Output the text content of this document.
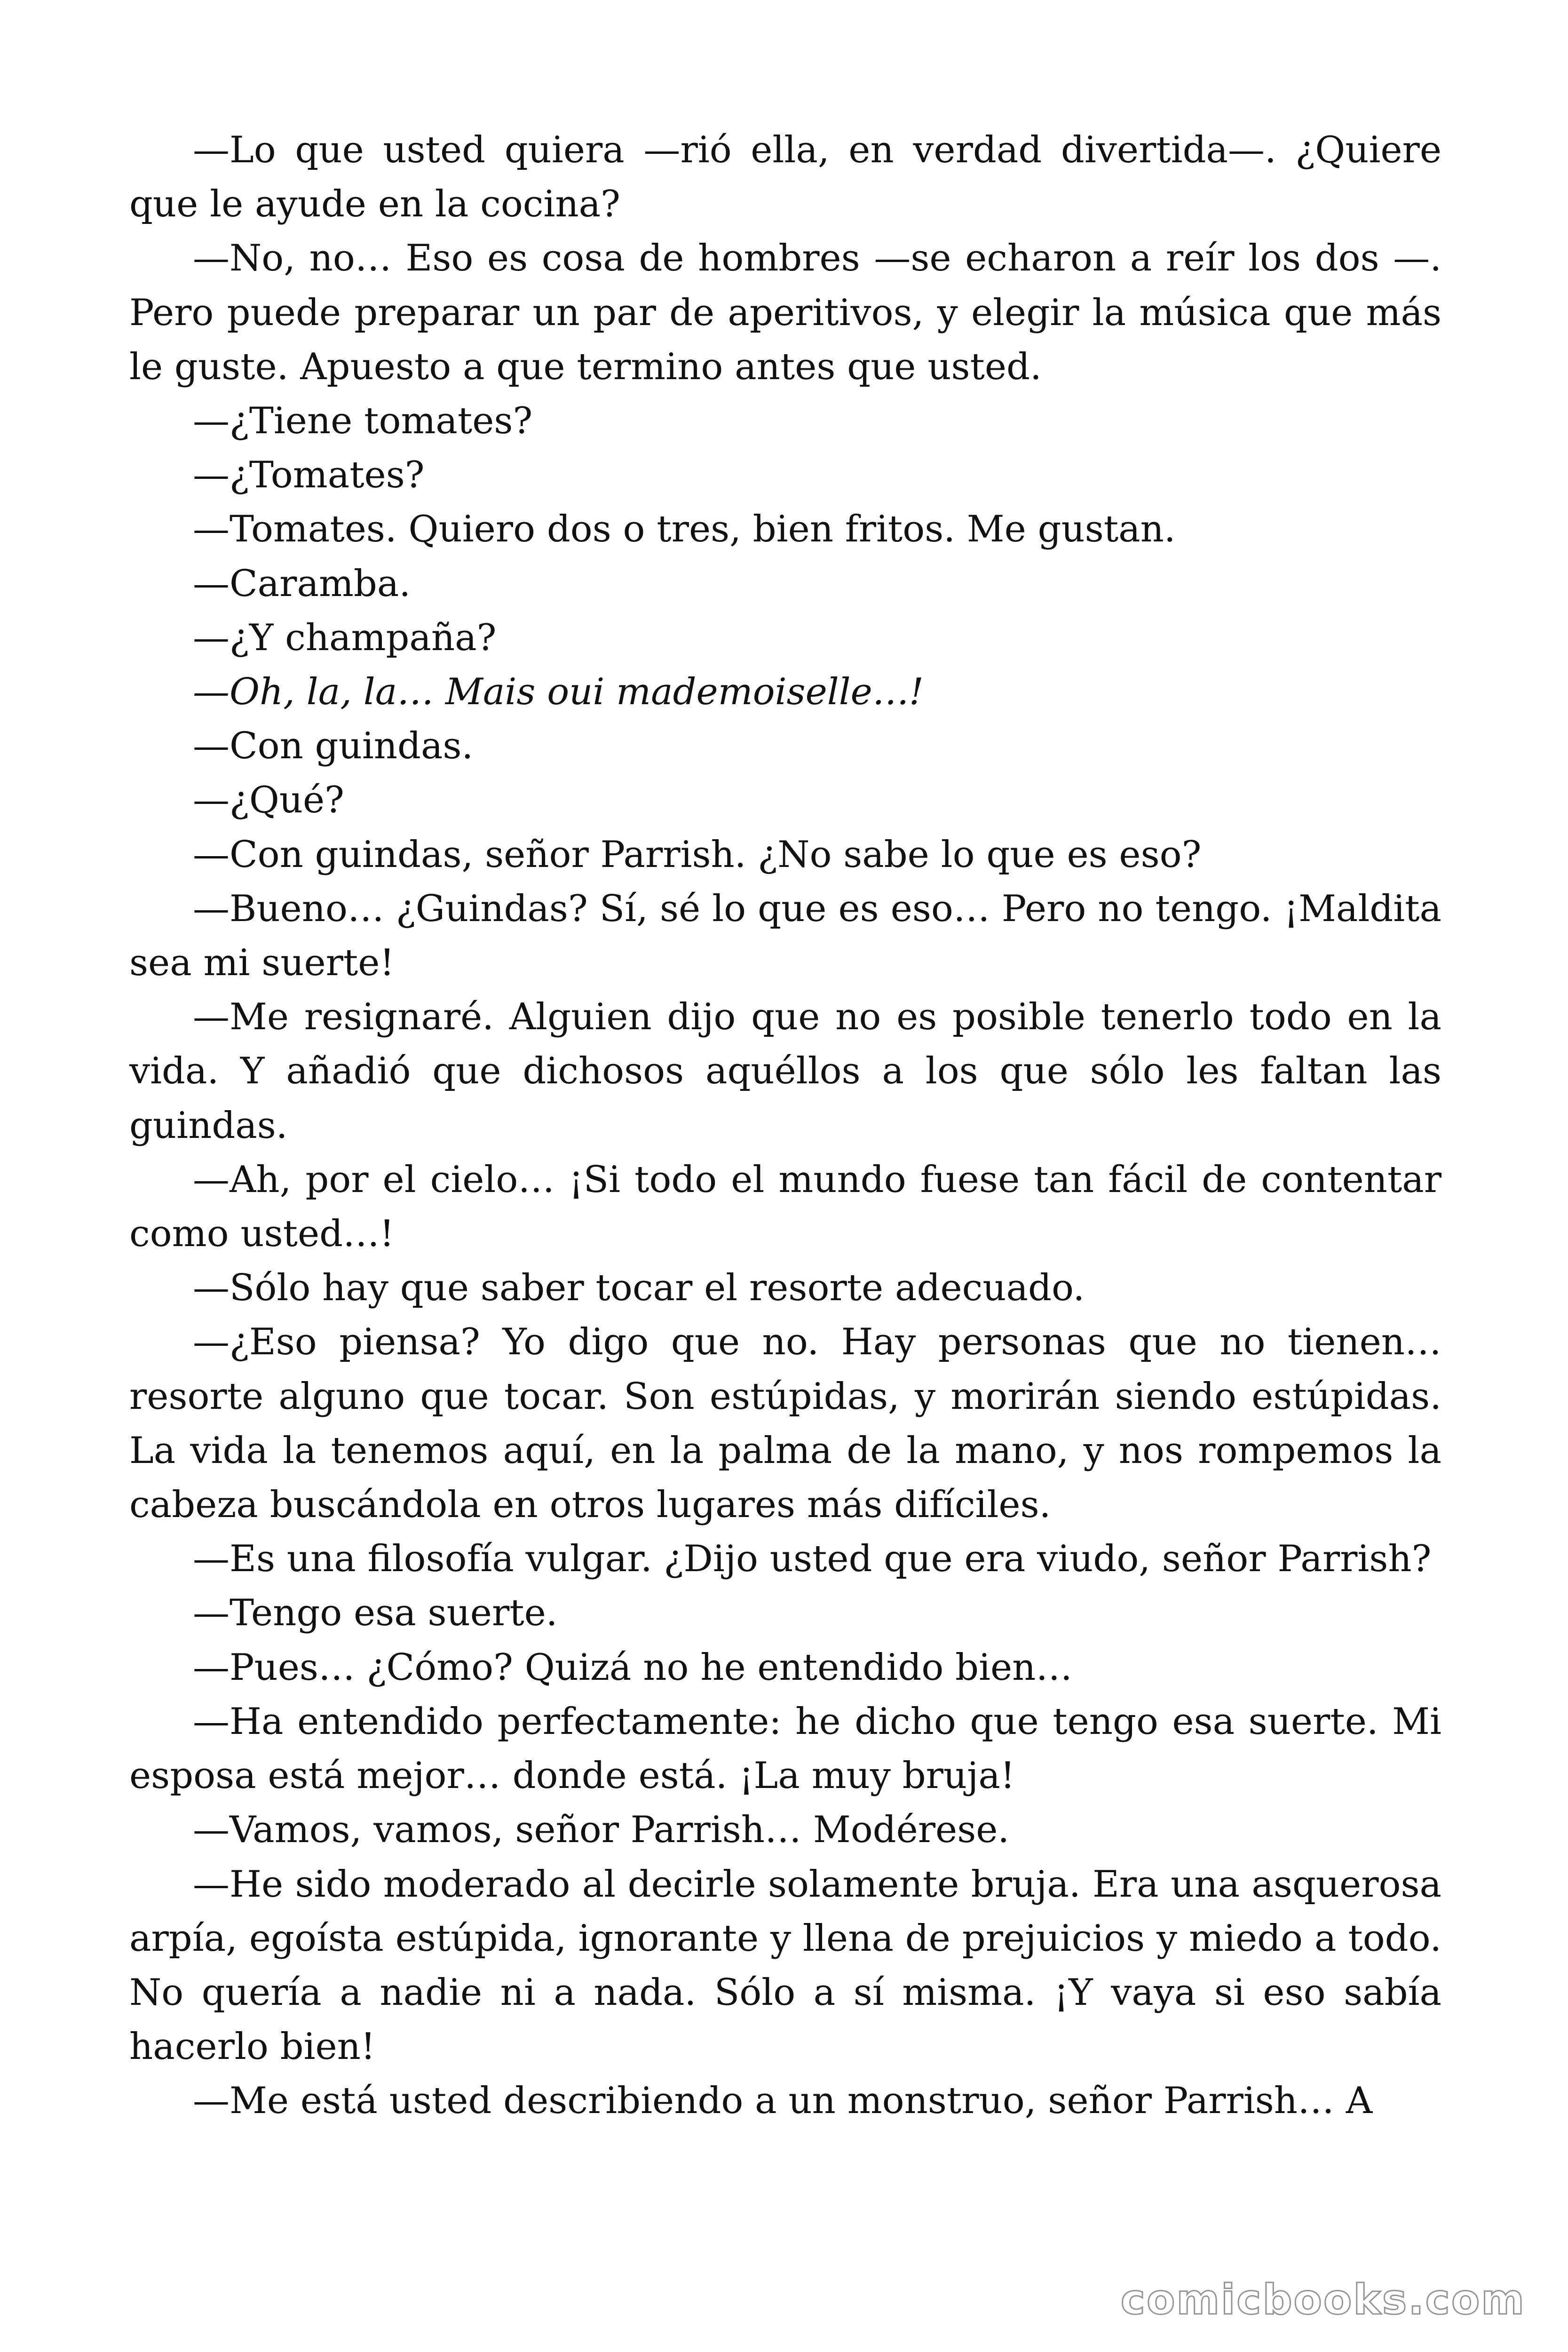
—Lo que usted quiera —rió ella, en verdad divertida—. ¿Quiere que le ayude en la cocina?

—No, no… Eso es cosa de hombres —se echaron a reír los dos —. Pero puede preparar un par de aperitivos, y elegir la música que más le guste. Apuesto a que termino antes que usted.

—¿Tiene tomates?

—¿Tomates?

—Tomates. Quiero dos o tres, bien fritos. Me gustan.

—Caramba.

—¿Y champaña?

—Oh, la, la… Mais oui mademoiselle…!

—Con guindas.

—¿Qué?

—Con guindas, señor Parrish. ¿No sabe lo que es eso?

—Bueno… ¿Guindas? Sí, sé lo que es eso… Pero no tengo. ¡Maldita sea mi suerte!

—Me resignaré. Alguien dijo que no es posible tenerlo todo en la vida. Y añadió que dichosos aquéllos a los que sólo les faltan las guindas.

—Ah, por el cielo… ¡Si todo el mundo fuese tan fácil de contentar como usted…!

—Sólo hay que saber tocar el resorte adecuado.

—¿Eso piensa? Yo digo que no. Hay personas que no tienen… resorte alguno que tocar. Son estúpidas, y morirán siendo estúpidas. La vida la tenemos aquí, en la palma de la mano, y nos rompemos la cabeza buscándola en otros lugares más difíciles.

—Es una filosofía vulgar. ¿Dijo usted que era viudo, señor Parrish?

—Tengo esa suerte.

—Pues… ¿Cómo? Quizá no he entendido bien…

—Ha entendido perfectamente: he dicho que tengo esa suerte. Mi esposa está mejor… donde está. ¡La muy bruja!

—Vamos, vamos, señor Parrish… Modérese.

—He sido moderado al decirle solamente bruja. Era una asquerosa arpía, egoísta estúpida, ignorante y llena de prejuicios y miedo a todo. No quería a nadie ni a nada. Sólo a sí misma. ¡Y vaya si eso sabía hacerlo bien!

—Me está usted describiendo a un monstruo, señor Parrish… A

comicbooks.com
